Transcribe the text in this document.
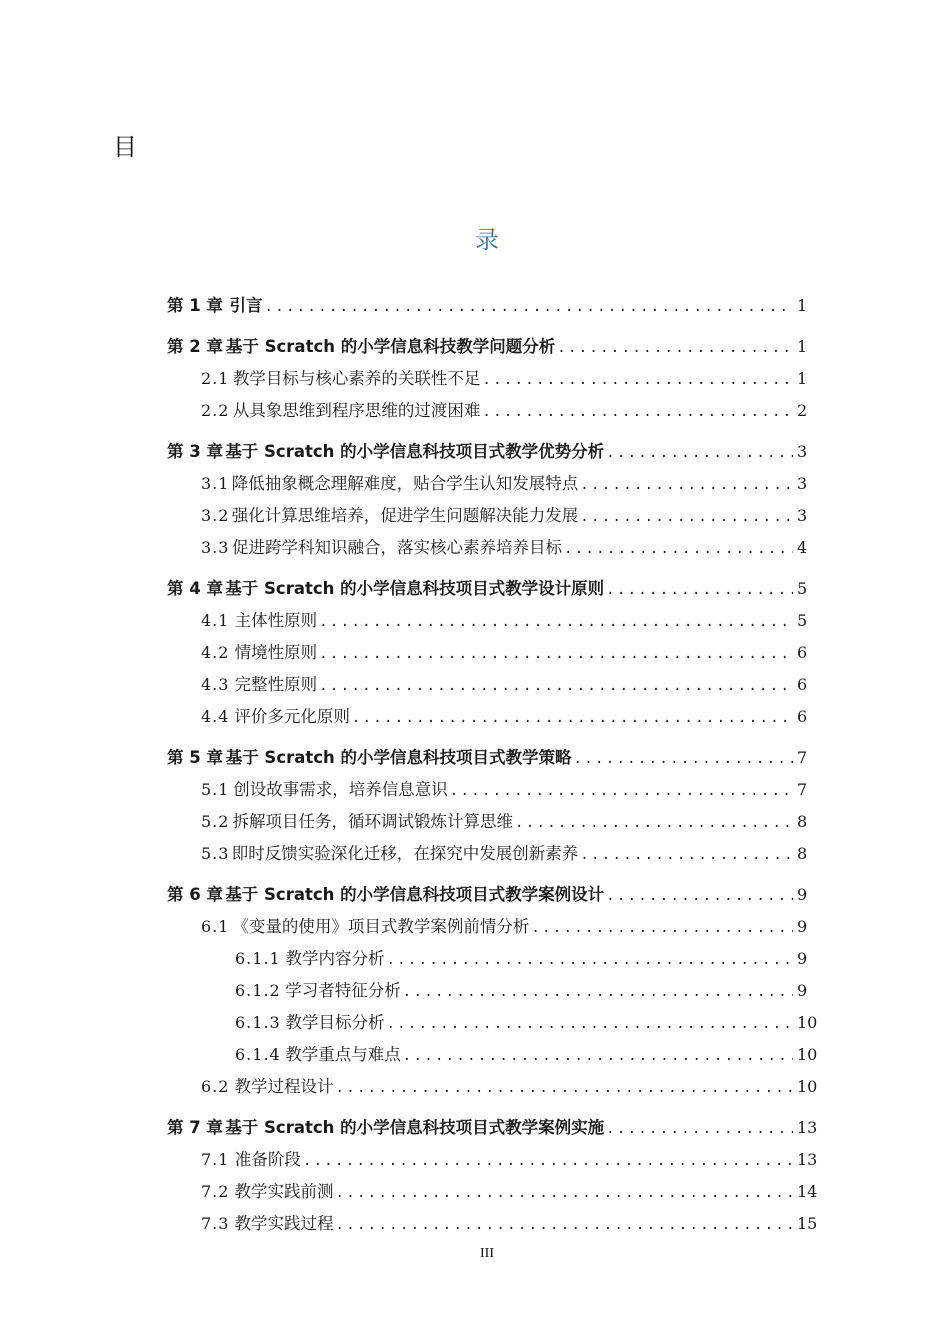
目
录
第 1 章 引言 .....	1
第 2 章 基于 Scratch 的小学信息科技教学问题分析 .....	1
2.1 教学目标与核心素养的关联性不足 .....	1
2.2 从具象思维到程序思维的过渡困难 .....	2
第 3 章 基于 Scratch 的小学信息科技项目式教学优势分析 .....	3
3.1 降低抽象概念理解难度，贴合学生认知发展特点 .....	3
3.2 强化计算思维培养，促进学生问题解决能力发展 .....	3
3.3 促进跨学科知识融合，落实核心素养培养目标 .....	4
第 4 章 基于 Scratch 的小学信息科技项目式教学设计原则 .....	5
4.1 主体性原则 .....	5
4.2 情境性原则 .....	6
4.3 完整性原则 .....	6
4.4 评价多元化原则 .....	6
第 5 章 基于 Scratch 的小学信息科技项目式教学策略 .....	7
5.1 创设故事需求，培养信息意识 .....	7
5.2 拆解项目任务，循环调试锻炼计算思维 .....	8
5.3 即时反馈实验深化迁移，在探究中发展创新素养 .....	8
第 6 章 基于 Scratch 的小学信息科技项目式教学案例设计 .....	9
6.1 《变量的使用》项目式教学案例前情分析 .....	9
6.1.1 教学内容分析 .....	9
6.1.2 学习者特征分析 .....	9
6.1.3 教学目标分析 .....	10
6.1.4 教学重点与难点 .....	10
6.2 教学过程设计 .....	10
第 7 章 基于 Scratch 的小学信息科技项目式教学案例实施 .....	13
7.1 准备阶段 .....	13
7.2 教学实践前测 .....	14
7.3 教学实践过程 .....	15
III
